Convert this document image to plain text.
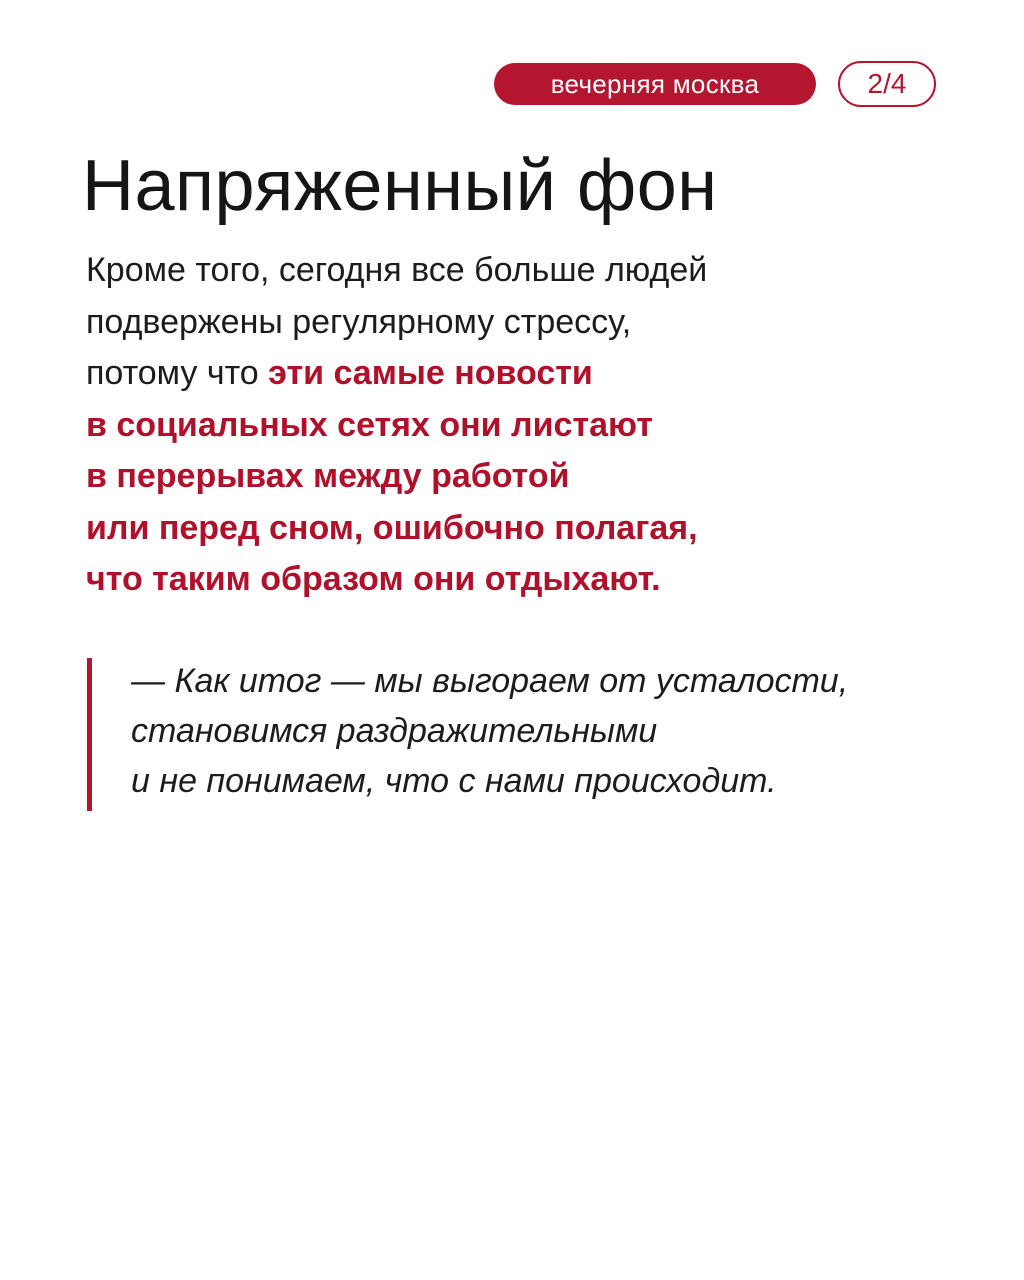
вечерняя москва	2/4
Напряженный фон

Кроме того, сегодня все больше людей
подвержены регулярному стрессу,
потому что эти самые новости
в социальных сетях они листают
в перерывах между работой
или перед сном, ошибочно полагая,
что таким образом они отдыхают.

— Как итог — мы выгораем от усталости,
становимся раздражительными
и не понимаем, что с нами происходит.
